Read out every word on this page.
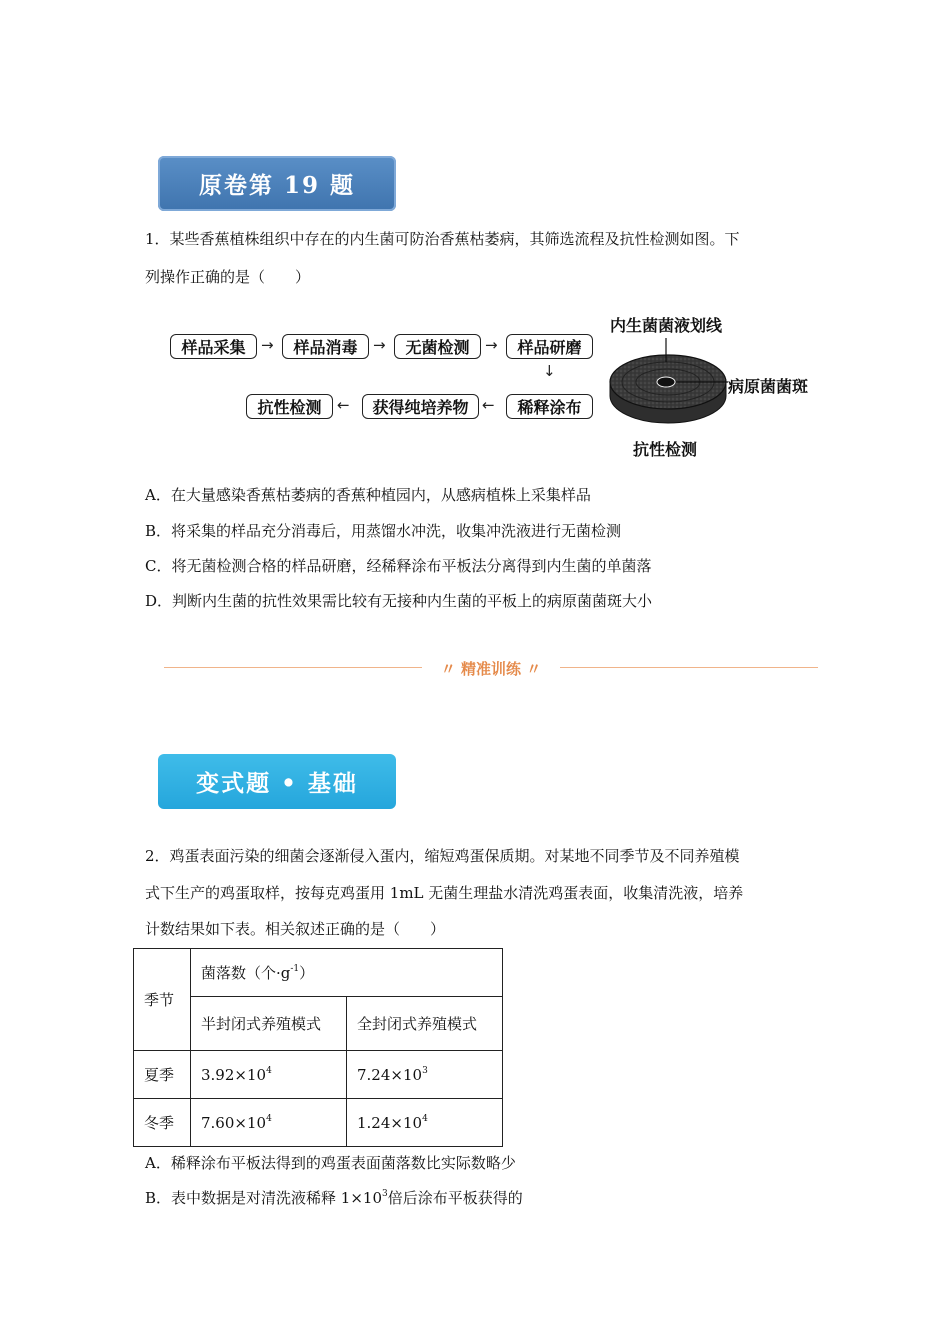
原卷第 19 题
1．某些香蕉植株组织中存在的内生菌可防治香蕉枯萎病，其筛选流程及抗性检测如图。下
列操作正确的是（　　）
样品采集	→	样品消毒	→	无菌检测	→	样品研磨
↓
稀释涂布
←
获得纯培养物
←
抗性检测
内生菌菌液划线
病原菌菌斑
抗性检测
A．在大量感染香蕉枯萎病的香蕉种植园内，从感病植株上采集样品
B．将采集的样品充分消毒后，用蒸馏水冲洗，收集冲洗液进行无菌检测
C．将无菌检测合格的样品研磨，经稀释涂布平板法分离得到内生菌的单菌落
D．判断内生菌的抗性效果需比较有无接种内生菌的平板上的病原菌菌斑大小
〃 精准训练 〃
变式题 • 基础
2．鸡蛋表面污染的细菌会逐渐侵入蛋内，缩短鸡蛋保质期。对某地不同季节及不同养殖模
式下生产的鸡蛋取样，按每克鸡蛋用 1mL 无菌生理盐水清洗鸡蛋表面，收集清洗液，培养
计数结果如下表。相关叙述正确的是（　　）
季节	菌落数（个$\cdot g^{-1}$）	
	半封闭式养殖模式	全封闭式养殖模式
夏季	$3.92\times 10^4$	$7.24\times 10^3$
冬季	$7.60\times 10^4$	$1.24\times 10^4$
A．稀释涂布平板法得到的鸡蛋表面菌落数比实际数略少
B．表中数据是对清洗液稀释 $1\times 10^3$倍后涂布平板获得的
